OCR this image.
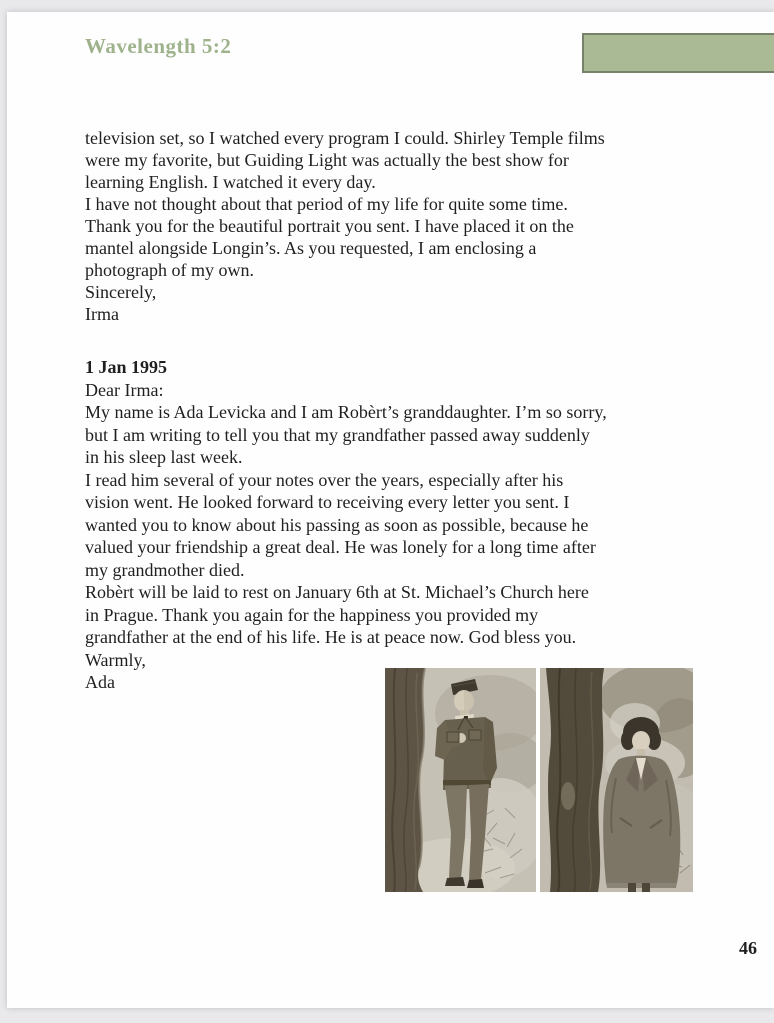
Wavelength 5:2
television set, so I watched every program I could. Shirley Temple films
were my favorite, but Guiding Light was actually the best show for
learning English. I watched it every day.
I have not thought about that period of my life for quite some time.
Thank you for the beautiful portrait you sent. I have placed it on the
mantel alongside Longin’s. As you requested, I am enclosing a
photograph of my own.
Sincerely,
Irma
1 Jan 1995
Dear Irma:
My name is Ada Levicka and I am Robèrt’s granddaughter. I’m so sorry,
but I am writing to tell you that my grandfather passed away suddenly
in his sleep last week.
I read him several of your notes over the years, especially after his
vision went. He looked forward to receiving every letter you sent. I
wanted you to know about his passing as soon as possible, because he
valued your friendship a great deal. He was lonely for a long time after
my grandmother died.
Robèrt will be laid to rest on January 6th at St. Michael’s Church here
in Prague. Thank you again for the happiness you provided my
grandfather at the end of his life. He is at peace now. God bless you.
Warmly,
Ada
46
